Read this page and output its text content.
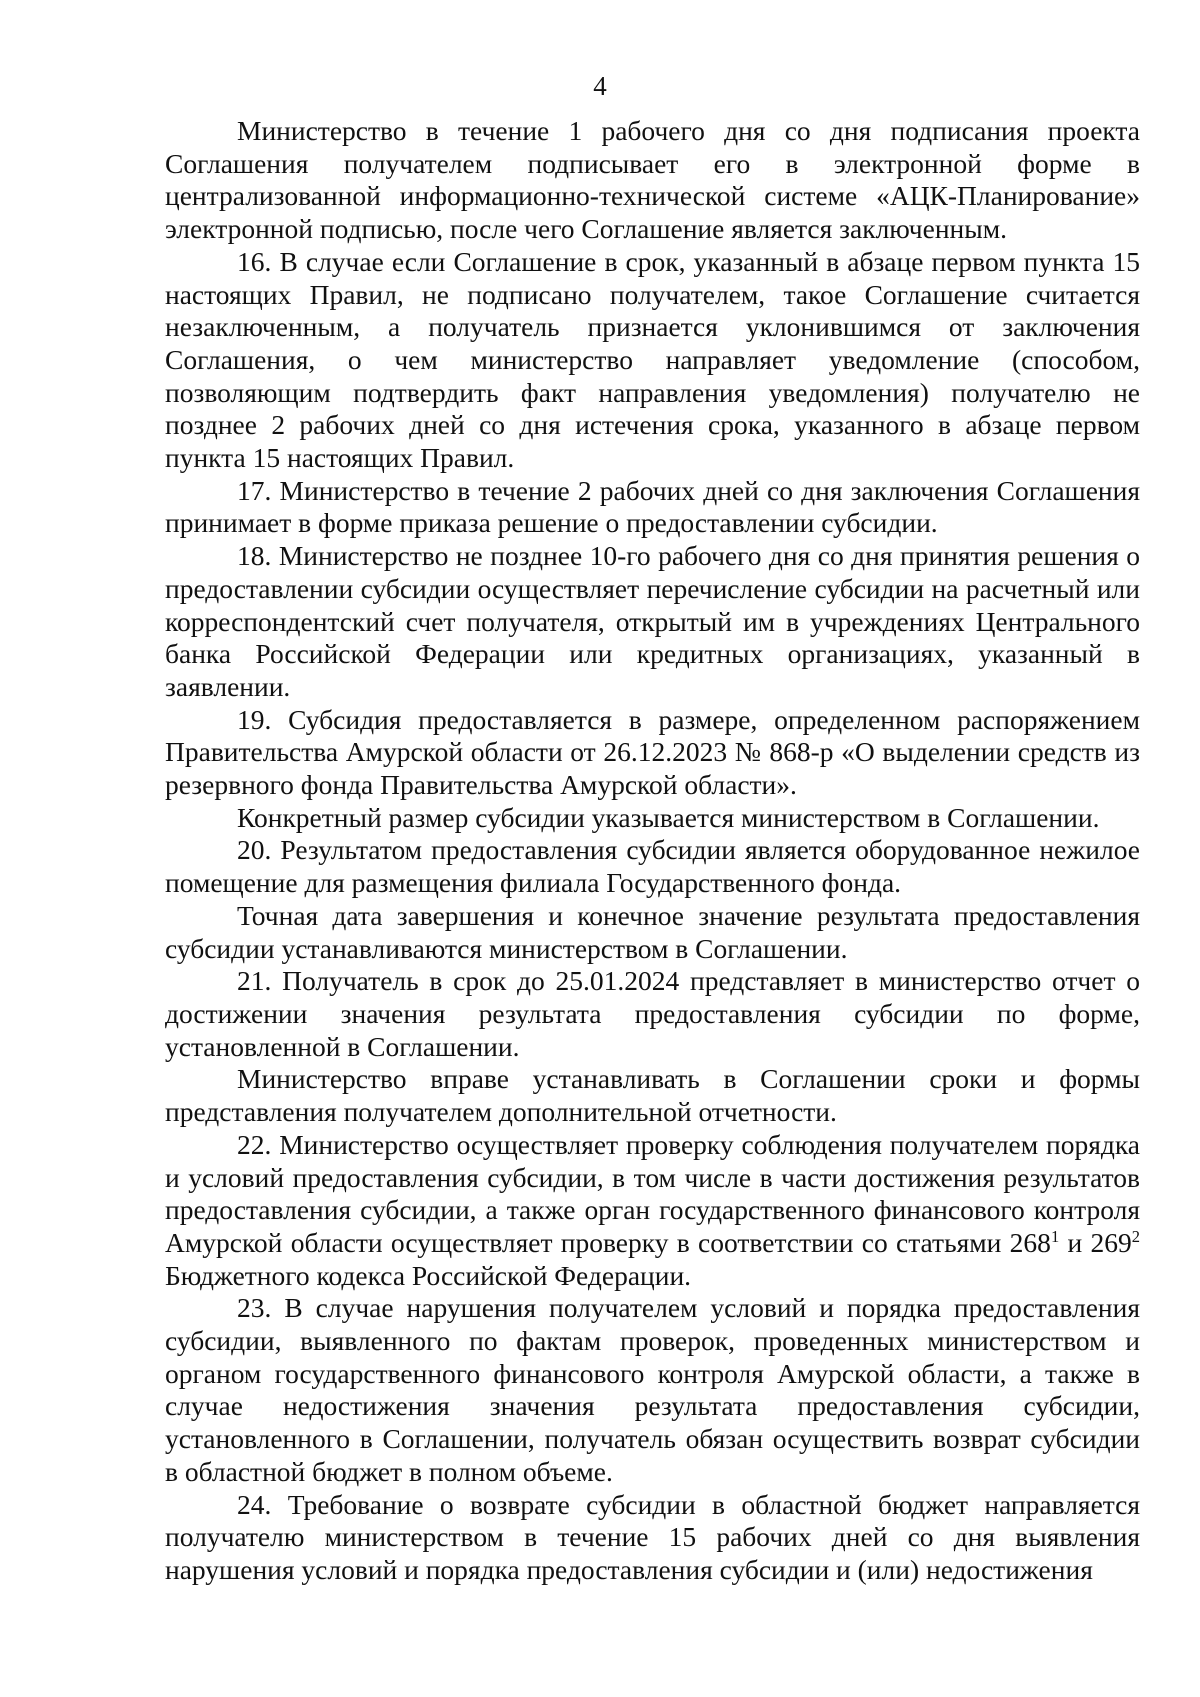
4

Министерство в течение 1 рабочего дня со дня подписания проекта Соглашения получателем подписывает его в электронной форме в централизованной информационно-технической системе «АЦК-Планирование» электронной подписью, после чего Соглашение является заключенным.

16. В случае если Соглашение в срок, указанный в абзаце первом пункта 15 настоящих Правил, не подписано получателем, такое Соглашение считается незаключенным, а получатель признается уклонившимся от заключения Соглашения, о чем министерство направляет уведомление (способом, позволяющим подтвердить факт направления уведомления) получателю не позднее 2 рабочих дней со дня истечения срока, указанного в абзаце первом пункта 15 настоящих Правил.

17. Министерство в течение 2 рабочих дней со дня заключения Соглашения принимает в форме приказа решение о предоставлении субсидии.

18. Министерство не позднее 10-го рабочего дня со дня принятия решения о предоставлении субсидии осуществляет перечисление субсидии на расчетный или корреспондентский счет получателя, открытый им в учреждениях Центрального банка Российской Федерации или кредитных организациях, указанный в заявлении.

19. Субсидия предоставляется в размере, определенном распоряжением Правительства Амурской области от 26.12.2023 № 868-р «О выделении средств из резервного фонда Правительства Амурской области».

Конкретный размер субсидии указывается министерством в Соглашении.

20. Результатом предоставления субсидии является оборудованное нежилое помещение для размещения филиала Государственного фонда.

Точная дата завершения и конечное значение результата предоставления субсидии устанавливаются министерством в Соглашении.

21. Получатель в срок до 25.01.2024 представляет в министерство отчет о достижении значения результата предоставления субсидии по форме, установленной в Соглашении.

Министерство вправе устанавливать в Соглашении сроки и формы представления получателем дополнительной отчетности.

22. Министерство осуществляет проверку соблюдения получателем порядка и условий предоставления субсидии, в том числе в части достижения результатов предоставления субсидии, а также орган государственного финансового контроля Амурской области осуществляет проверку в соответствии со статьями $268^1$ и $269^2$ Бюджетного кодекса Российской Федерации.

23. В случае нарушения получателем условий и порядка предоставления субсидии, выявленного по фактам проверок, проведенных министерством и органом государственного финансового контроля Амурской области, а также в случае недостижения значения результата предоставления субсидии, установленного в Соглашении, получатель обязан осуществить возврат субсидии в областной бюджет в полном объеме.

24. Требование о возврате субсидии в областной бюджет направляется получателю министерством в течение 15 рабочих дней со дня выявления нарушения условий и порядка предоставления субсидии и (или) недостижения
